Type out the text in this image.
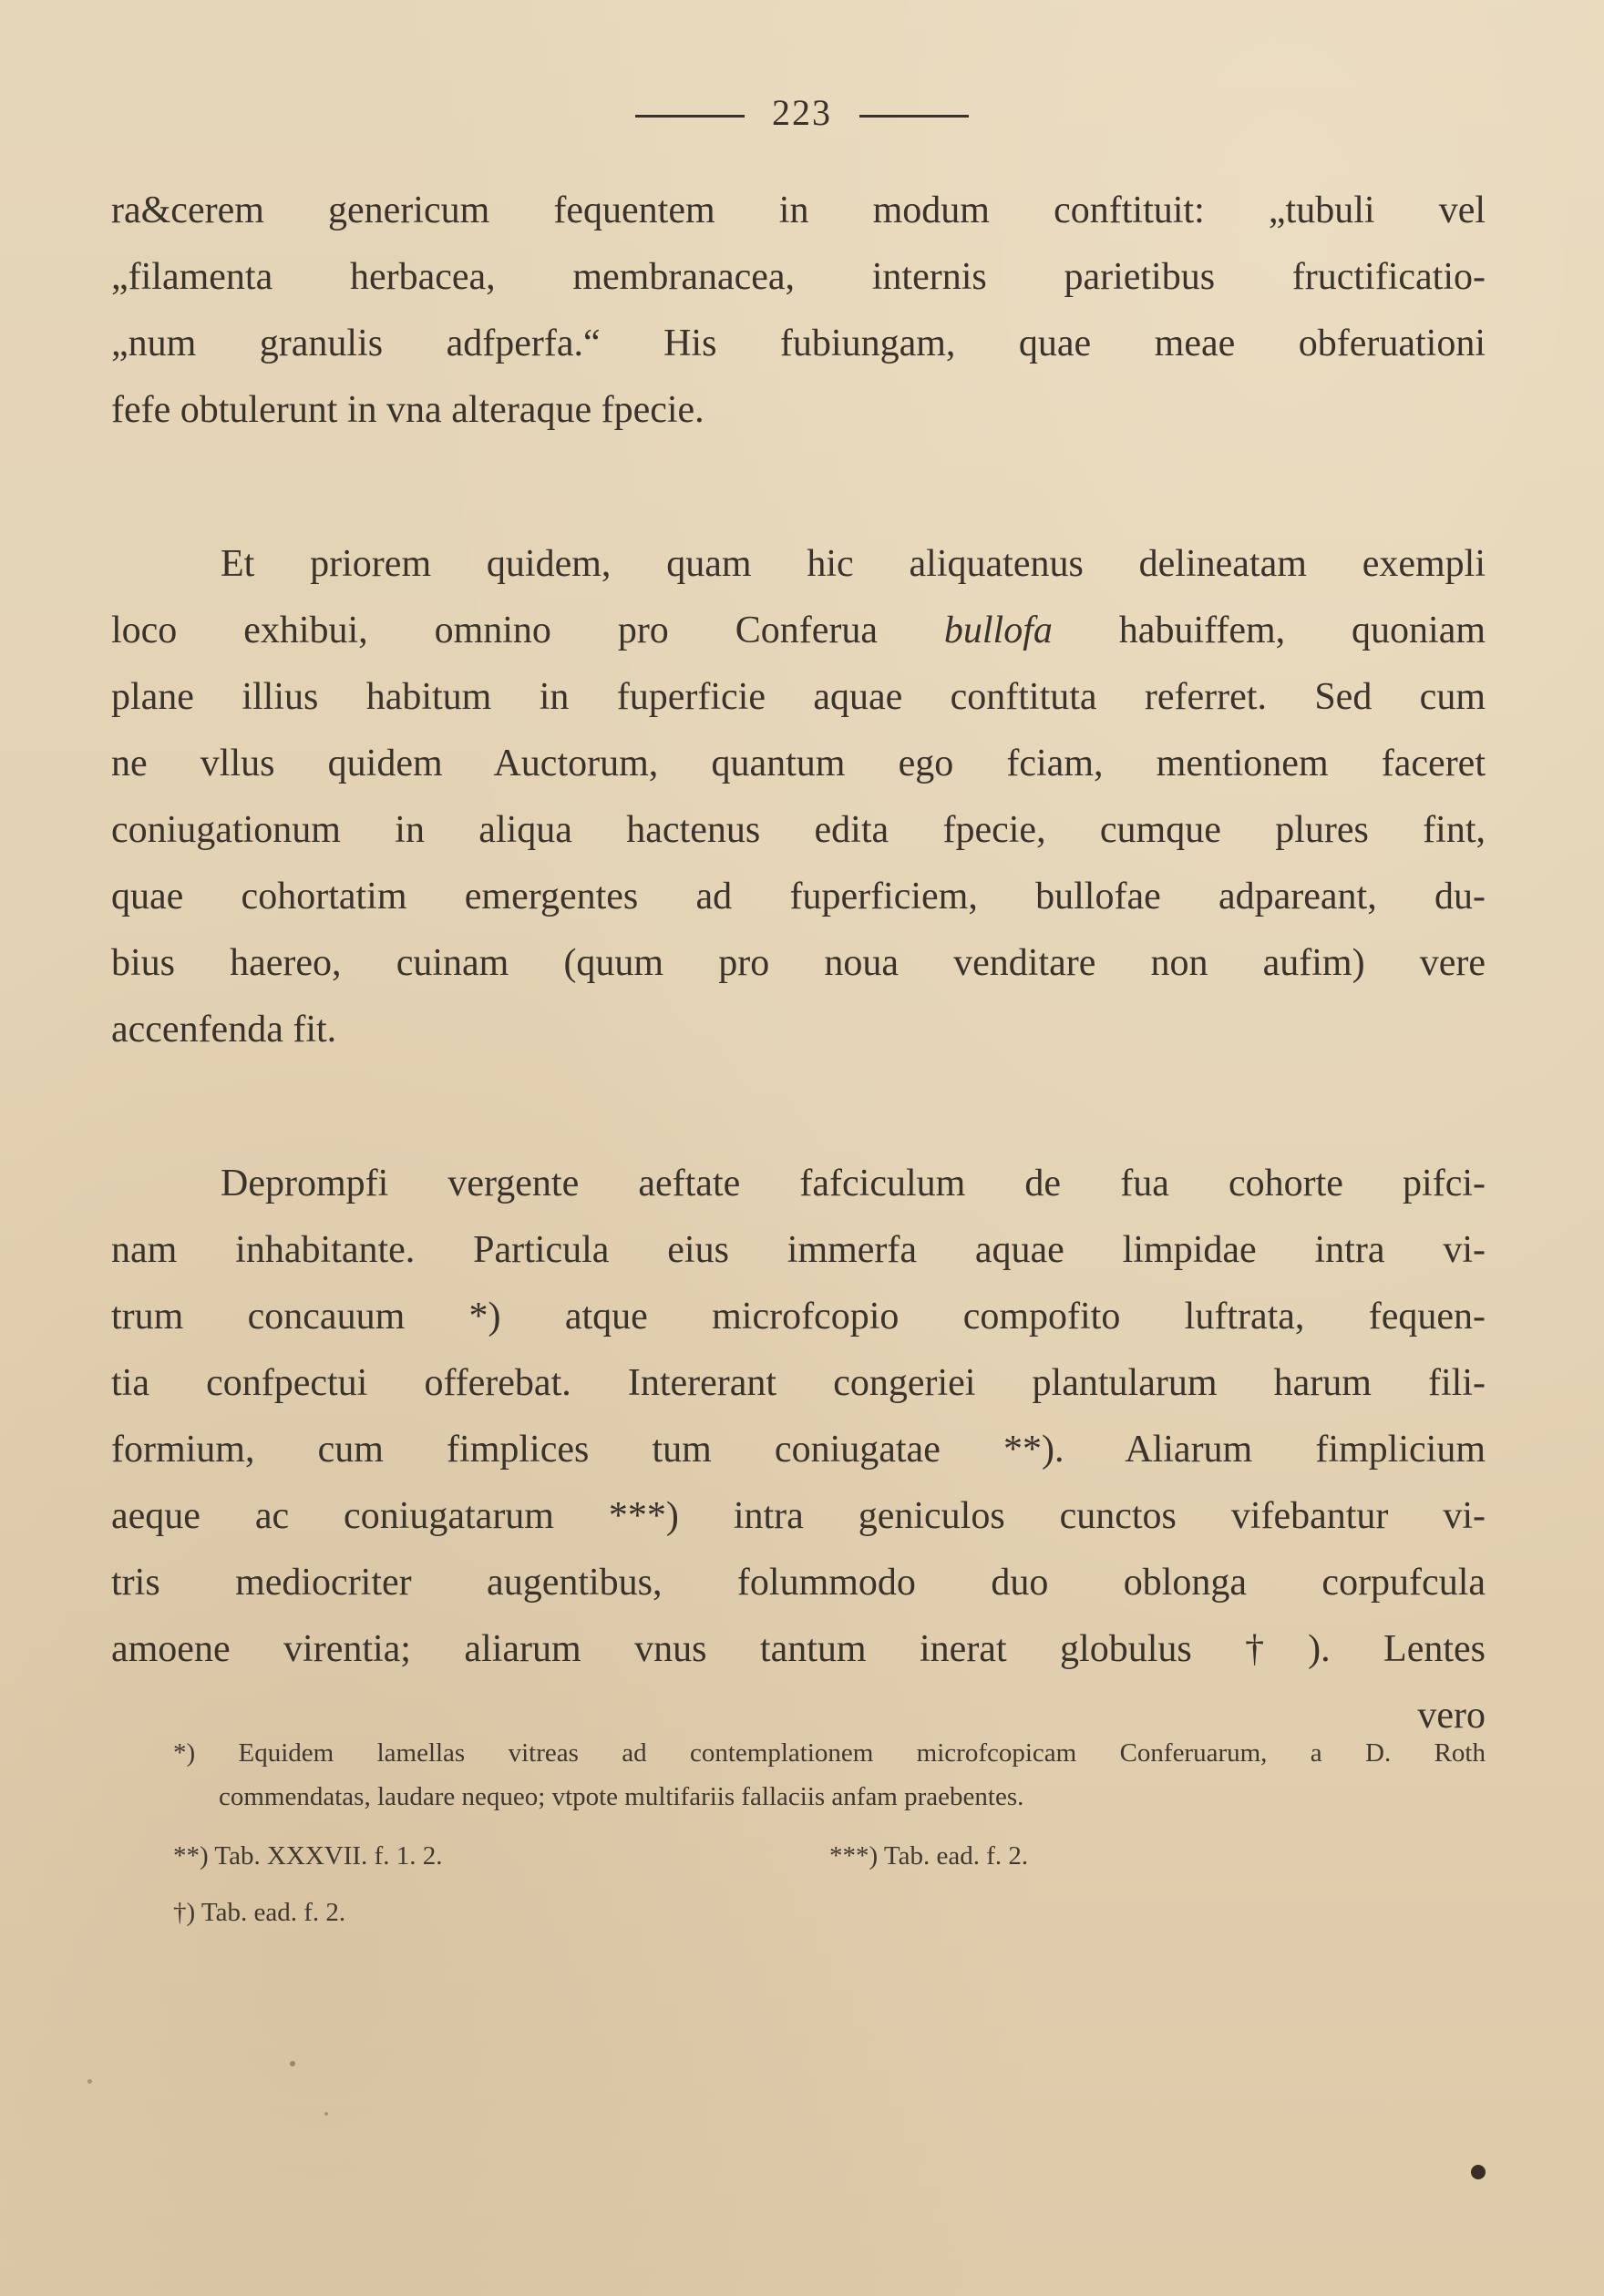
223
ra&cerem genericum fequentem in modum conftituit: „tubuli vel
„filamenta herbacea, membranacea, internis parietibus fructificatio-
„num granulis adfperfa.“ His fubiungam, quae meae obferuationi
fefe obtulerunt in vna alteraque fpecie.
Et priorem quidem, quam hic aliquatenus delineatam exempli
loco exhibui, omnino pro Conferua bullofa habuiffem, quoniam
plane illius habitum in fuperficie aquae conftituta referret. Sed cum
ne vllus quidem Auctorum, quantum ego fciam, mentionem faceret
coniugationum in aliqua hactenus edita fpecie, cumque plures fint,
quae cohortatim emergentes ad fuperficiem, bullofae adpareant, du-
bius haereo, cuinam (quum pro noua venditare non aufim) vere
accenfenda fit.
Deprompfi vergente aeftate fafciculum de fua cohorte pifci-
nam inhabitante. Particula eius immerfa aquae limpidae intra vi-
trum concauum *) atque microfcopio compofito luftrata, fequen-
tia confpectui offerebat. Intererant congeriei plantularum harum fili-
formium, cum fimplices tum coniugatae **). Aliarum fimplicium
aeque ac coniugatarum ***) intra geniculos cunctos vifebantur vi-
tris mediocriter augentibus, folummodo duo oblonga corpufcula
amoene virentia; aliarum vnus tantum inerat globulus †). Lentes
vero
*) Equidem lamellas vitreas ad contemplationem microfcopicam Conferuarum, a D. Roth
commendatas, laudare nequeo; vtpote multifariis fallaciis anfam praebentes.
**) Tab. XXXVII. f. 1. 2.	***) Tab. ead. f. 2.
†) Tab. ead. f. 2.
